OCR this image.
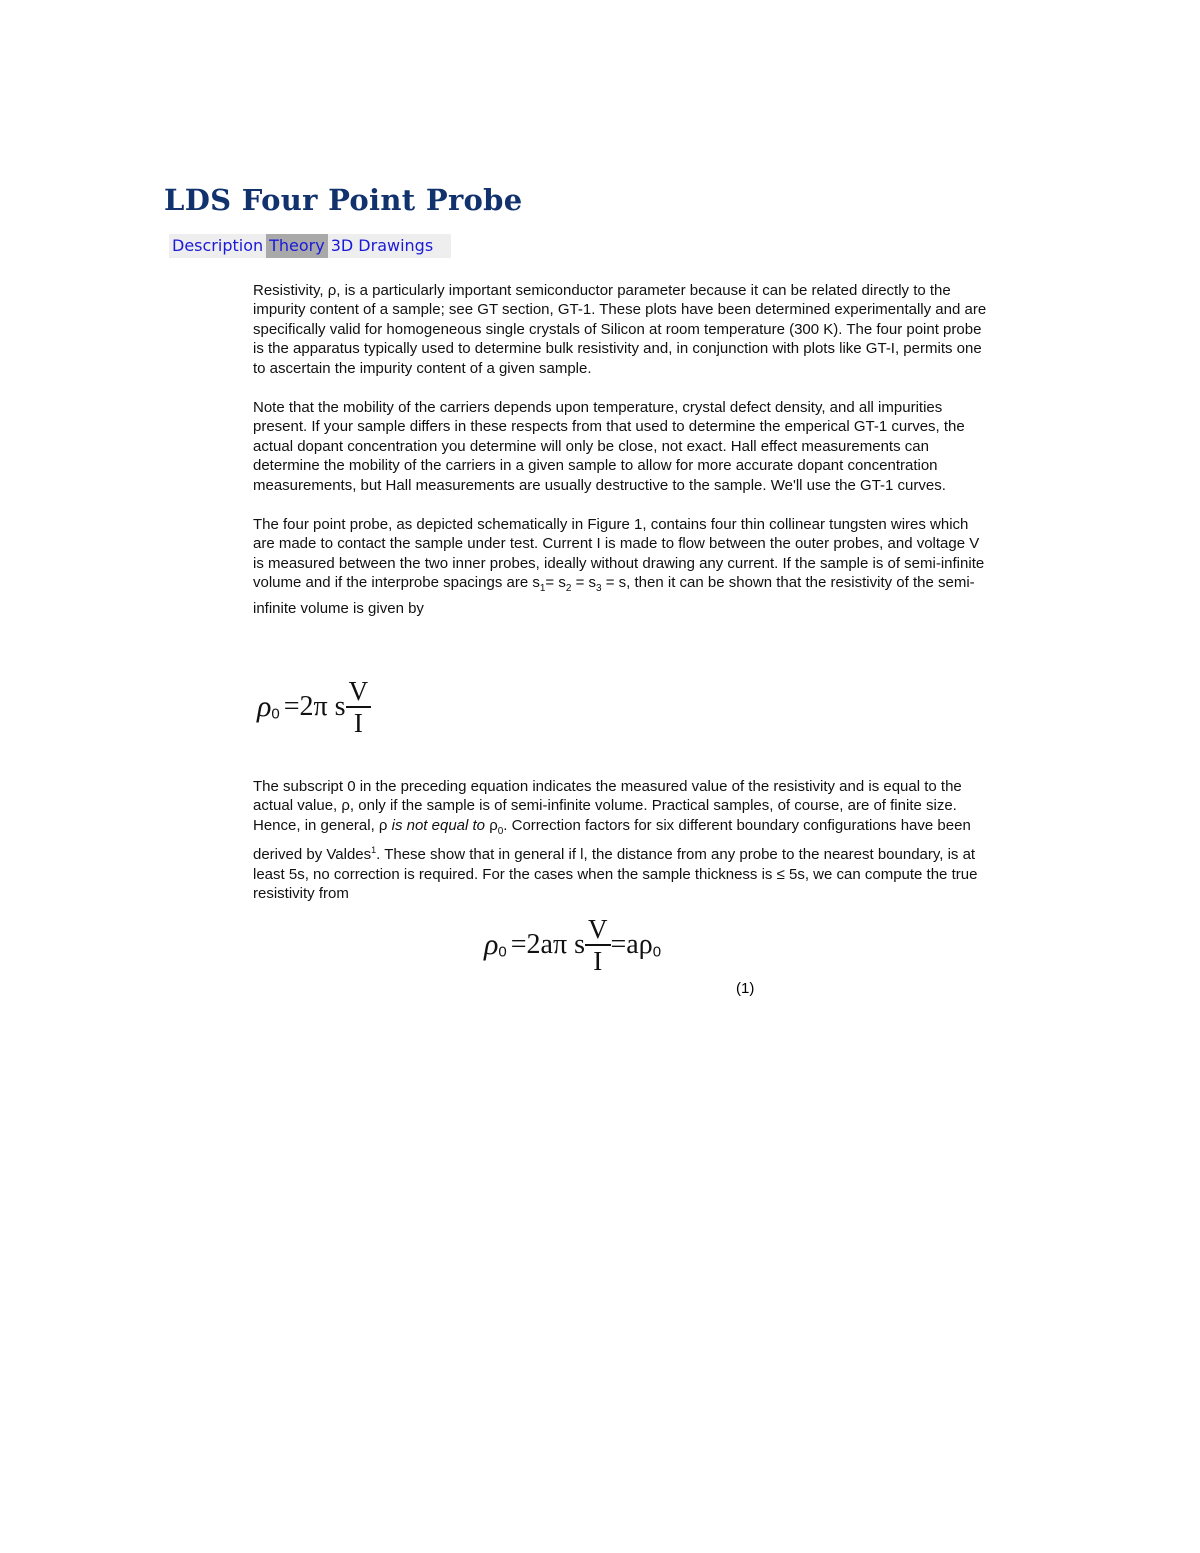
LDS Four Point Probe
Description Theory 3D Drawings

Resistivity, ρ, is a particularly important semiconductor parameter because it can be related directly to the impurity content of a sample; see GT section, GT-1. These plots have been determined experimentally and are specifically valid for homogeneous single crystals of Silicon at room temperature (300 K). The four point probe is the apparatus typically used to determine bulk resistivity and, in conjunction with plots like GT-I, permits one to ascertain the impurity content of a given sample.

Note that the mobility of the carriers depends upon temperature, crystal defect density, and all impurities present. If your sample differs in these respects from that used to determine the emperical GT-1 curves, the actual dopant concentration you determine will only be close, not exact. Hall effect measurements can determine the mobility of the carriers in a given sample to allow for more accurate dopant concentration measurements, but Hall measurements are usually destructive to the sample. We'll use the GT-1 curves.

The four point probe, as depicted schematically in Figure 1, contains four thin collinear tungsten wires which are made to contact the sample under test. Current I is made to flow between the outer probes, and voltage V is measured between the two inner probes, ideally without drawing any current. If the sample is of semi-infinite volume and if the interprobe spacings are $s_1= s_2 = s_3 = s$, then it can be shown that the resistivity of the semi-infinite volume is given by

ρ0 =2π s $\frac{V}{I}$

The subscript 0 in the preceding equation indicates the measured value of the resistivity and is equal to the actual value, ρ, only if the sample is of semi-infinite volume. Practical samples, of course, are of finite size. Hence, in general, ρ is not equal to $\rho_0$. Correction factors for six different boundary configurations have been derived by Valdes$^1$. These show that in general if l, the distance from any probe to the nearest boundary, is at least 5s, no correction is required. For the cases when the sample thickness is ≤ 5s, we can compute the true resistivity from

ρ0 =2aπ s $\frac{V}{I} =a\rho 0$
(1)
